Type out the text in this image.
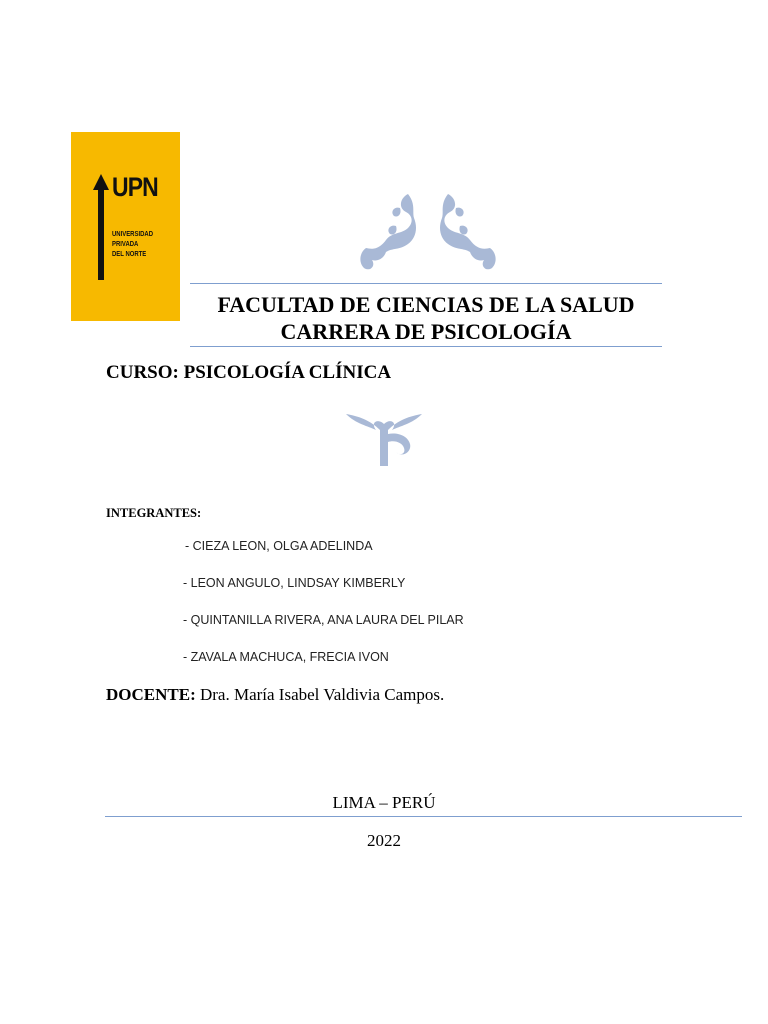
UPN
UNIVERSIDAD
PRIVADA
DEL NORTE
FACULTAD DE CIENCIAS DE LA SALUD
CARRERA DE PSICOLOGÍA
CURSO: PSICOLOGÍA CLÍNICA
INTEGRANTES:
- CIEZA LEON, OLGA ADELINDA
- LEON ANGULO, LINDSAY KIMBERLY
- QUINTANILLA RIVERA, ANA LAURA DEL PILAR
- ZAVALA MACHUCA, FRECIA IVON
DOCENTE: Dra. María Isabel Valdivia Campos.
LIMA – PERÚ
2022
